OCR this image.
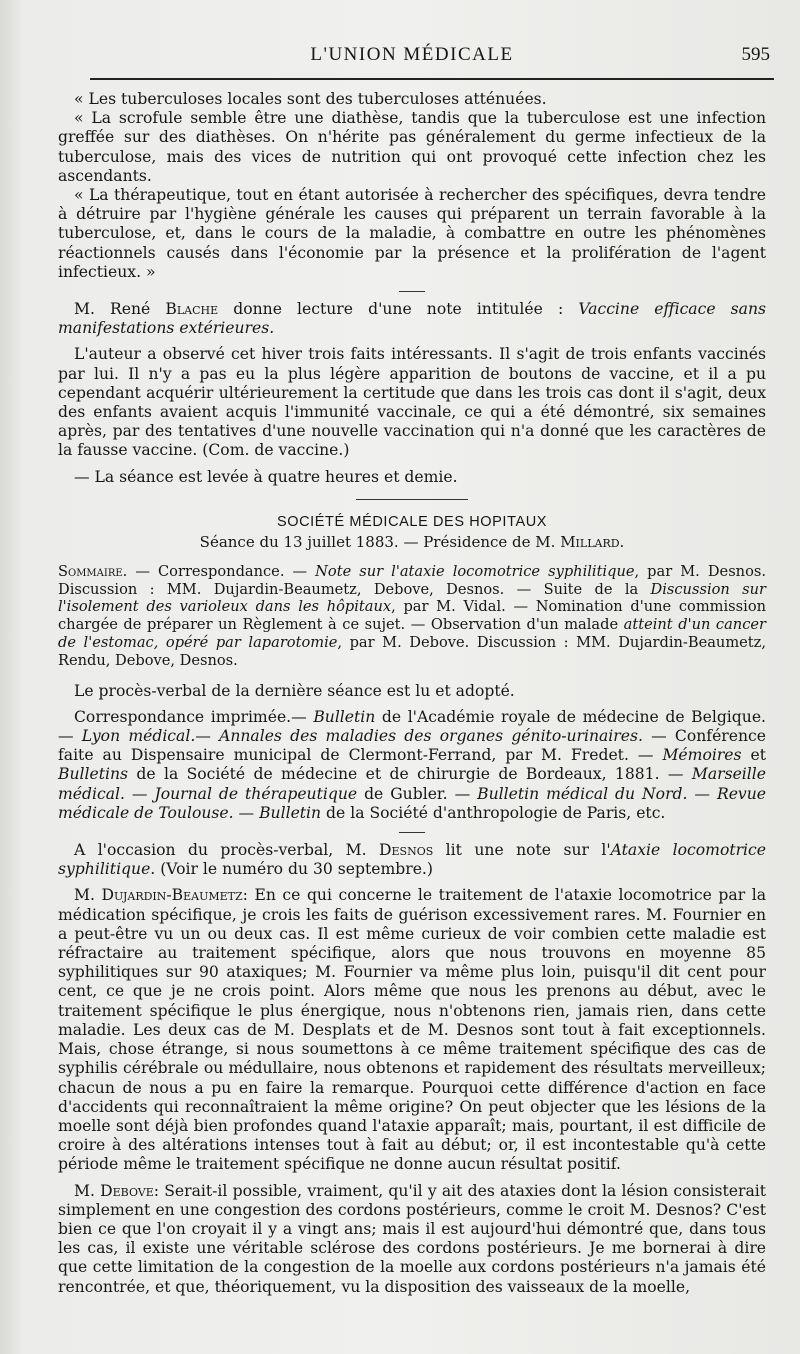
L'UNION MÉDICALE	595

« Les tuberculoses locales sont des tuberculoses atténuées.

« La scrofule semble être une diathèse, tandis que la tuberculose est une infection greffée sur des diathèses. On n'hérite pas généralement du germe infectieux de la tuberculose, mais des vices de nutrition qui ont provoqué cette infection chez les ascendants.

« La thérapeutique, tout en étant autorisée à rechercher des spécifiques, devra tendre à détruire par l'hygiène générale les causes qui préparent un terrain favorable à la tuberculose, et, dans le cours de la maladie, à combattre en outre les phénomènes réactionnels causés dans l'économie par la présence et la prolifération de l'agent infectieux. »

M. René Blache donne lecture d'une note intitulée : Vaccine efficace sans manifestations extérieures.

L'auteur a observé cet hiver trois faits intéressants. Il s'agit de trois enfants vaccinés par lui. Il n'y a pas eu la plus légère apparition de boutons de vaccine, et il a pu cependant acquérir ultérieurement la certitude que dans les trois cas dont il s'agit, deux des enfants avaient acquis l'immunité vaccinale, ce qui a été démontré, six semaines après, par des tentatives d'une nouvelle vaccination qui n'a donné que les caractères de la fausse vaccine. (Com. de vaccine.)

— La séance est levée à quatre heures et demie.

SOCIÉTÉ MÉDICALE DES HOPITAUX
Séance du 13 juillet 1883. — Présidence de M. Millard.

Sommaire. — Correspondance. — Note sur l'ataxie locomotrice syphilitique, par M. Desnos. Discussion : MM. Dujardin-Beaumetz, Debove, Desnos. — Suite de la Discussion sur l'isolement des varioleux dans les hôpitaux, par M. Vidal. — Nomination d'une commission chargée de préparer un Règlement à ce sujet. — Observation d'un malade atteint d'un cancer de l'estomac, opéré par laparotomie, par M. Debove. Discussion : MM. Dujardin-Beaumetz, Rendu, Debove, Desnos.

Le procès-verbal de la dernière séance est lu et adopté.

Correspondance imprimée.— Bulletin de l'Académie royale de médecine de Belgique.— Lyon médical.— Annales des maladies des organes génito-urinaires. — Conférence faite au Dispensaire municipal de Clermont-Ferrand, par M. Fredet. — Mémoires et Bulletins de la Société de médecine et de chirurgie de Bordeaux, 1881. — Marseille médical. — Journal de thérapeutique de Gubler. — Bulletin médical du Nord. — Revue médicale de Toulouse. — Bulletin de la Société d'anthropologie de Paris, etc.

A l'occasion du procès-verbal, M. Desnos lit une note sur l'Ataxie locomotrice syphilitique. (Voir le numéro du 30 septembre.)

M. Dujardin-Beaumetz: En ce qui concerne le traitement de l'ataxie locomotrice par la médication spécifique, je crois les faits de guérison excessivement rares. M. Fournier en a peut-être vu un ou deux cas. Il est même curieux de voir combien cette maladie est réfractaire au traitement spécifique, alors que nous trouvons en moyenne 85 syphilitiques sur 90 ataxiques; M. Fournier va même plus loin, puisqu'il dit cent pour cent, ce que je ne crois point. Alors même que nous les prenons au début, avec le traitement spécifique le plus énergique, nous n'obtenons rien, jamais rien, dans cette maladie. Les deux cas de M. Desplats et de M. Desnos sont tout à fait exceptionnels. Mais, chose étrange, si nous soumettons à ce même traitement spécifique des cas de syphilis cérébrale ou médullaire, nous obtenons et rapidement des résultats merveilleux; chacun de nous a pu en faire la remarque. Pourquoi cette différence d'action en face d'accidents qui reconnaîtraient la même origine? On peut objecter que les lésions de la moelle sont déjà bien profondes quand l'ataxie apparaît; mais, pourtant, il est difficile de croire à des altérations intenses tout à fait au début; or, il est incontestable qu'à cette période même le traitement spécifique ne donne aucun résultat positif.

M. Debove: Serait-il possible, vraiment, qu'il y ait des ataxies dont la lésion consisterait simplement en une congestion des cordons postérieurs, comme le croit M. Desnos? C'est bien ce que l'on croyait il y a vingt ans; mais il est aujourd'hui démontré que, dans tous les cas, il existe une véritable sclérose des cordons postérieurs. Je me bornerai à dire que cette limitation de la congestion de la moelle aux cordons postérieurs n'a jamais été rencontrée, et que, théoriquement, vu la disposition des vaisseaux de la moelle,
